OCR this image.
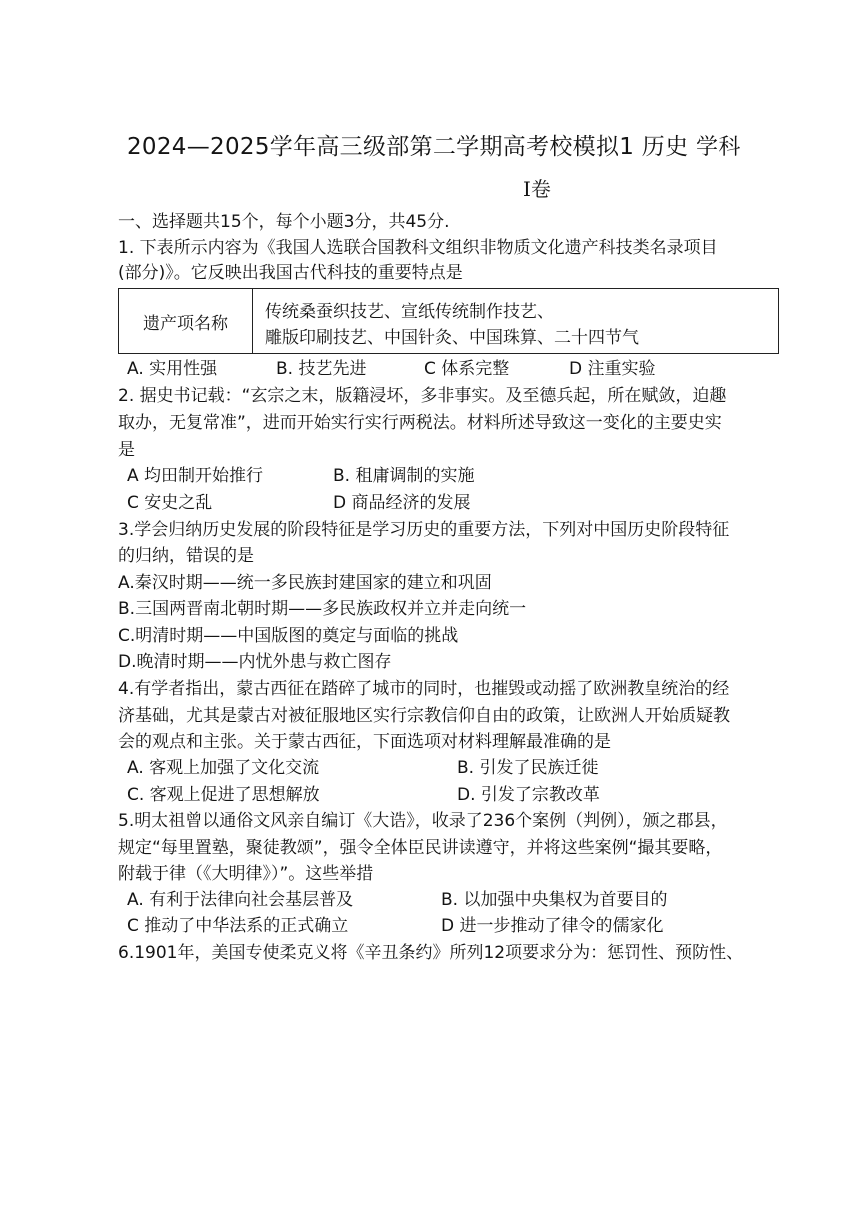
2024—2025学年高三级部第二学期高考校模拟1 历史 学科
Ⅰ卷
一、选择题共15个，每个小题3分，共45分.
1. 下表所示内容为《我国人选联合国教科文组织非物质文化遗产科技类名录项目
(部分)》。它反映出我国古代科技的重要特点是
遗产项名称
传统桑蚕织技艺、宣纸传统制作技艺、
雕版印刷技艺、中国针灸、中国珠算、二十四节气
A. 实用性强	B. 技艺先进	C 体系完整	D 注重实验
2. 据史书记载：“玄宗之末，版籍浸坏，多非事实。及至德兵起，所在赋敛，迫趣
取办，无复常准”，进而开始实行实行两税法。材料所述导致这一变化的主要史实
是
A 均田制开始推行	B. 租庸调制的实施
C 安史之乱	D 商品经济的发展
3.学会归纳历史发展的阶段特征是学习历史的重要方法，下列对中国历史阶段特征
的归纳，错误的是
A.秦汉时期——统一多民族封建国家的建立和巩固
B.三国两晋南北朝时期——多民族政权并立并走向统一
C.明清时期——中国版图的奠定与面临的挑战
D.晚清时期——内忧外患与救亡图存
4.有学者指出，蒙古西征在踏碎了城市的同时，也摧毁或动摇了欧洲教皇统治的经
济基础，尤其是蒙古对被征服地区实行宗教信仰自由的政策，让欧洲人开始质疑教
会的观点和主张。关于蒙古西征，下面选项对材料理解最准确的是
A. 客观上加强了文化交流	B. 引发了民族迁徙
C. 客观上促进了思想解放	D. 引发了宗教改革
5.明太祖曾以通俗文风亲自编订《大诰》，收录了236个案例（判例），颁之郡县，
规定“每里置塾，聚徒教颂”，强令全体臣民讲读遵守，并将这些案例“撮其要略，
附载于律（《大明律》）”。这些举措
A. 有利于法律向社会基层普及	B. 以加强中央集权为首要目的
C 推动了中华法系的正式确立	D 进一步推动了律令的儒家化
6.1901年，美国专使柔克义将《辛丑条约》所列12项要求分为：惩罚性、预防性、
